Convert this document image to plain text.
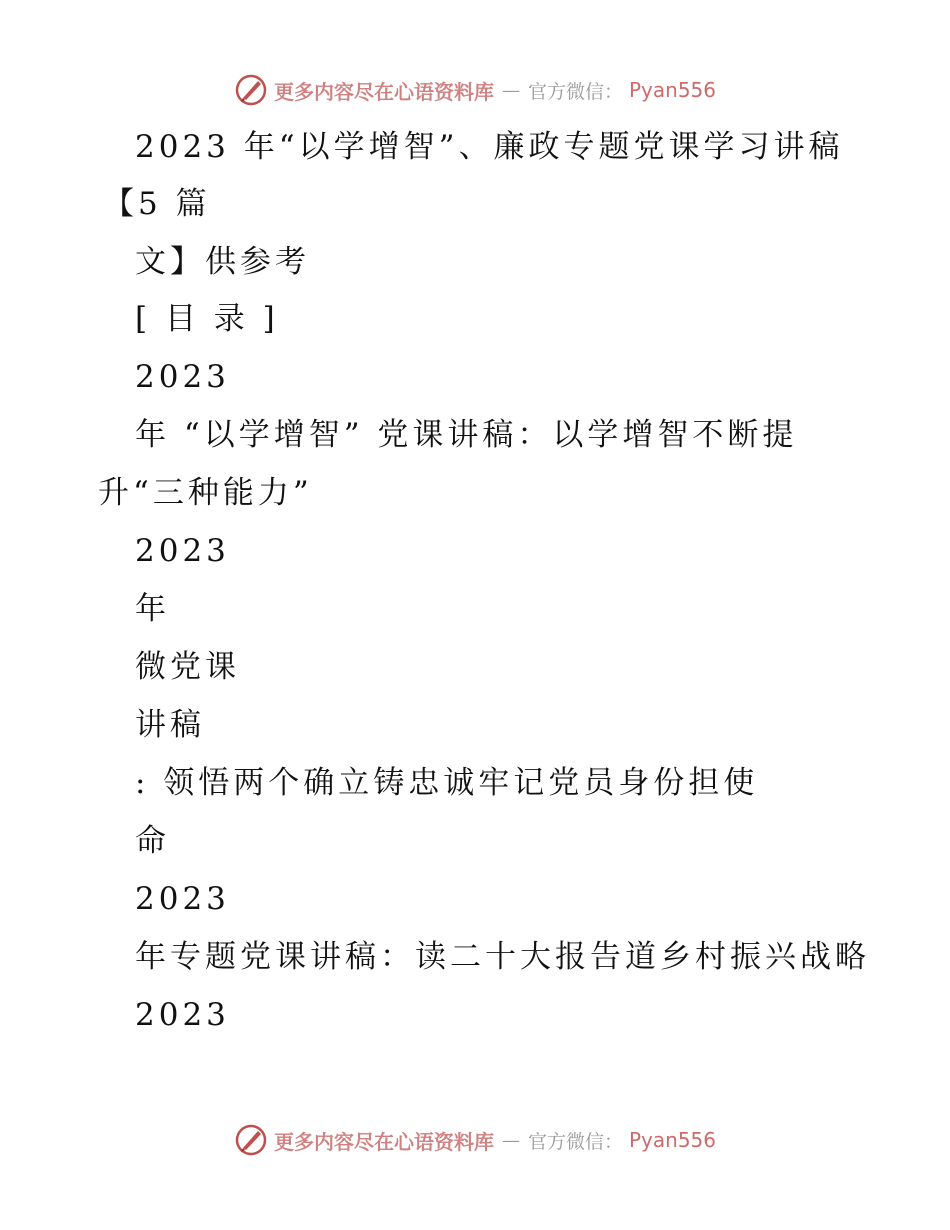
更多内容尽在心语资料库 — 官方微信： Pyan556
2023 年“以学增智”、廉政专题党课学习讲稿
【5 篇
文】供参考
[ 目 录 ]
2023
年 “以学增智” 党课讲稿：以学增智不断提
升“三种能力”
2023
年
微党课
讲稿
: 领悟两个确立铸忠诚牢记党员身份担使
命
2023
年专题党课讲稿：读二十大报告道乡村振兴战略
2023
更多内容尽在心语资料库 — 官方微信： Pyan556
